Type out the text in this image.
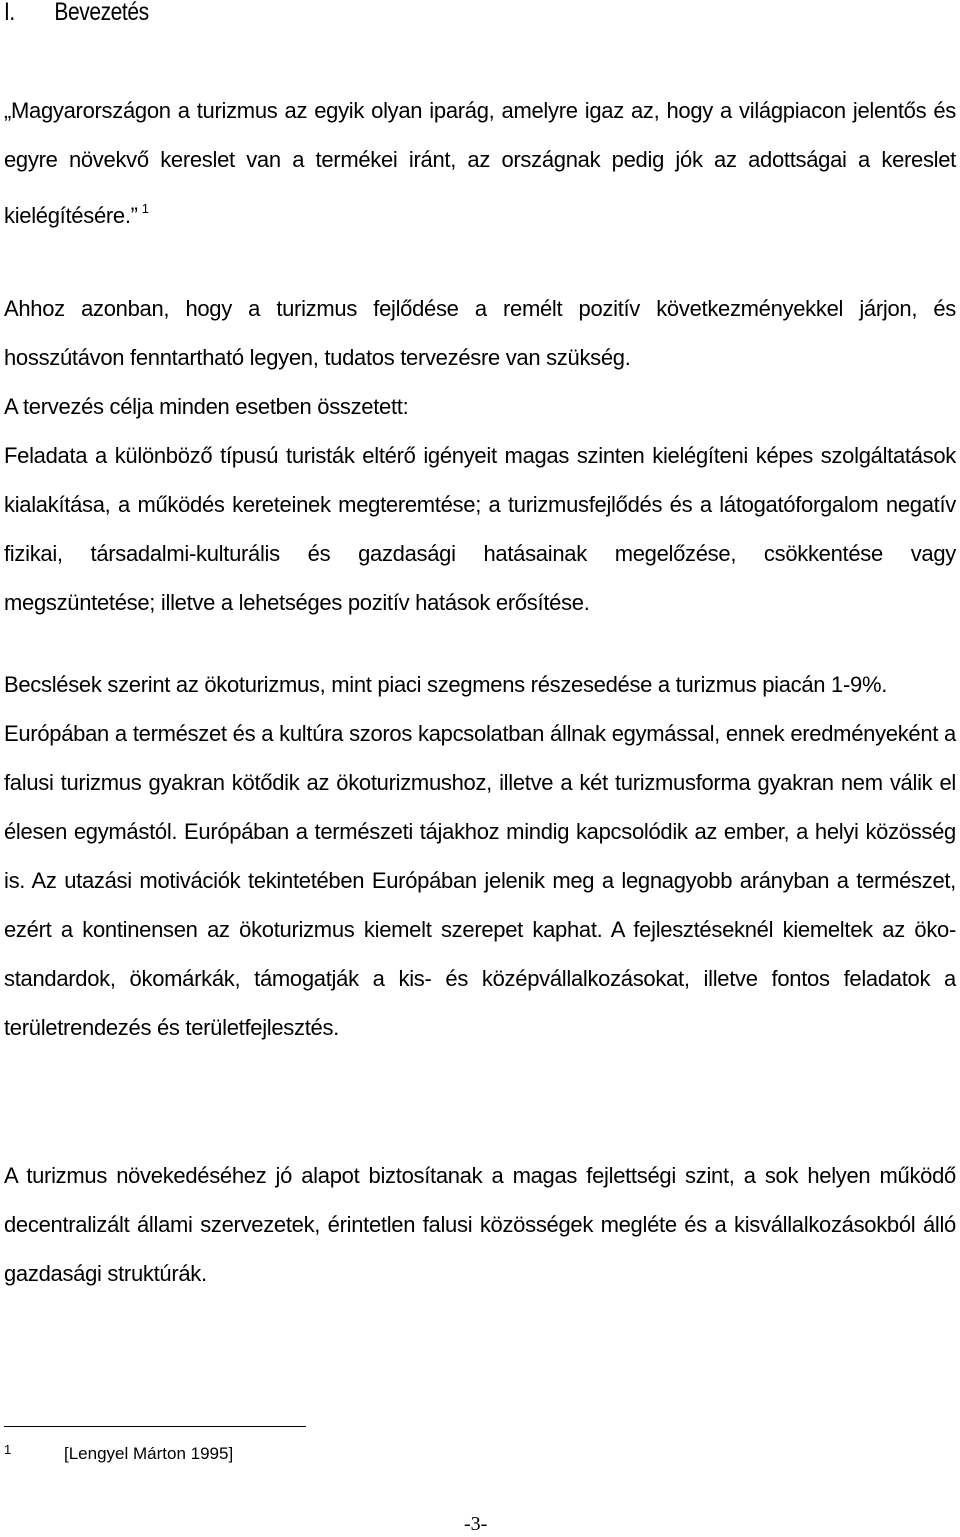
I. Bevezetés
„Magyarországon a turizmus az egyik olyan iparág, amelyre igaz az, hogy a világpiacon jelentős és egyre növekvő kereslet van a termékei iránt, az országnak pedig jók az adottságai a kereslet kielégítésére.” $^1$
Ahhoz azonban, hogy a turizmus fejlődése a remélt pozitív következményekkel járjon, és hosszútávon fenntartható legyen, tudatos tervezésre van szükség.
A tervezés célja minden esetben összetett:
Feladata a különböző típusú turisták eltérő igényeit magas szinten kielégíteni képes szolgáltatások kialakítása, a működés kereteinek megteremtése; a turizmusfejlődés és a látogatóforgalom negatív fizikai, társadalmi-kulturális és gazdasági hatásainak megelőzése, csökkentése vagy megszüntetése; illetve a lehetséges pozitív hatások erősítése.
Becslések szerint az ökoturizmus, mint piaci szegmens részesedése a turizmus piacán 1-9%.
Európában a természet és a kultúra szoros kapcsolatban állnak egymással, ennek eredményeként a falusi turizmus gyakran kötődik az ökoturizmushoz, illetve a két turizmusforma gyakran nem válik el élesen egymástól. Európában a természeti tájakhoz mindig kapcsolódik az ember, a helyi közösség is. Az utazási motivációk tekintetében Európában jelenik meg a legnagyobb arányban a természet, ezért a kontinensen az ökoturizmus kiemelt szerepet kaphat. A fejlesztéseknél kiemeltek az öko-standardok, ökomárkák, támogatják a kis- és középvállalkozásokat, illetve fontos feladatok a területrendezés és területfejlesztés.
A turizmus növekedéséhez jó alapot biztosítanak a magas fejlettségi szint, a sok helyen működő decentralizált állami szervezetek, érintetlen falusi közösségek megléte és a kisvállalkozásokból álló gazdasági struktúrák.
1	[Lengyel Márton 1995]
-3-
